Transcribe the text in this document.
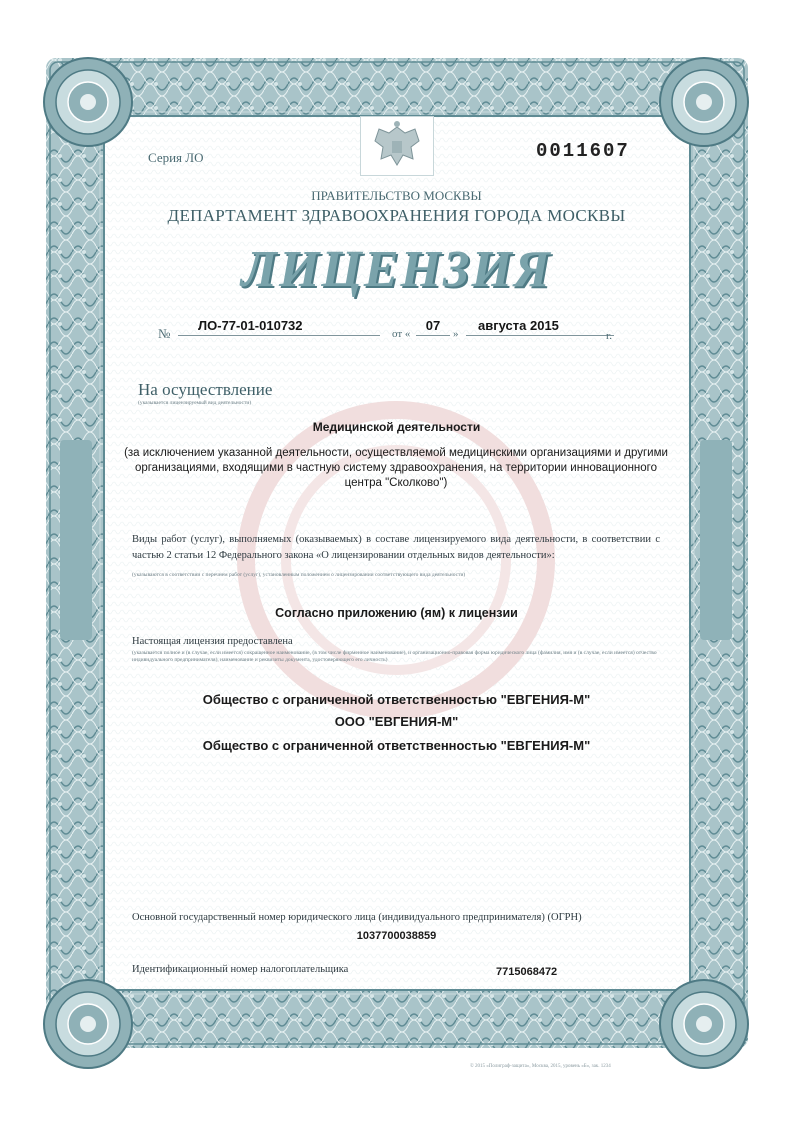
Серия ЛО	0011607
ПРАВИТЕЛЬСТВО МОСКВЫ
ДЕПАРТАМЕНТ ЗДРАВООХРАНЕНИЯ ГОРОДА МОСКВЫ
ЛИЦЕНЗИЯ
№
ЛО-77-01-010732
от «
07
»
августа 2015
г.
На осуществление
(указывается лицензируемый вид деятельности)
Медицинской деятельности
(за исключением указанной деятельности, осуществляемой медицинскими организациями и другими организациями, входящими в частную систему здравоохранения, на территории инновационного центра "Сколково")
Виды работ (услуг), выполняемых (оказываемых) в составе лицензируемого вида деятельности, в соответствии с частью 2 статьи 12 Федерального закона «О лицензировании отдельных видов деятельности»:
(указываются в соответствии с перечнем работ (услуг), установленным положением о лицензировании соответствующего вида деятельности)
Согласно приложению (ям) к лицензии
Настоящая лицензия предоставлена
(указывается полное и (в случае, если имеется) сокращенное наименование, (в том числе фирменное наименование), и организационно-правовая форма юридического лица (фамилия, имя и (в случае, если имеется) отчество индивидуального предпринимателя), наименование и реквизиты документа, удостоверяющего его личность)
Общество с ограниченной ответственностью "ЕВГЕНИЯ-М"
ООО "ЕВГЕНИЯ-М"
Общество с ограниченной ответственностью "ЕВГЕНИЯ-М"
Основной государственный номер юридического лица (индивидуального предпринимателя) (ОГРН)
1037700038859
Идентификационный номер налогоплательщика	7715068472
© 2015 «Полиграф-защита», Москва, 2015, уровень «Б», зак. 1234
